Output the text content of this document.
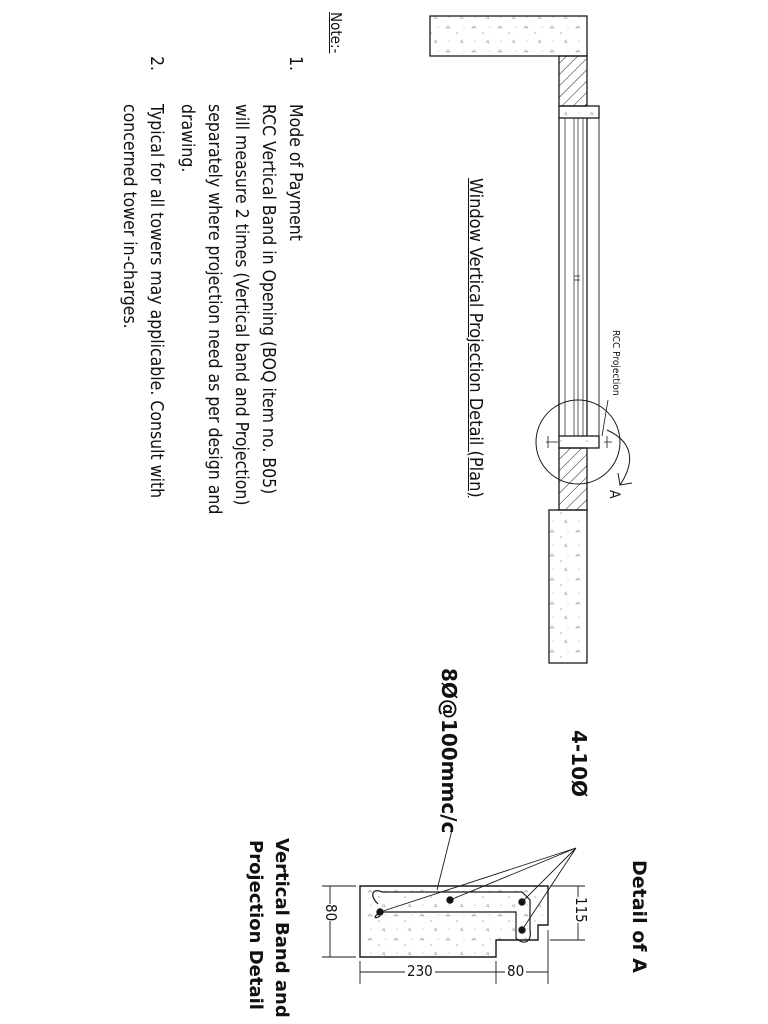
Window Vertical Projection Detail (Plan)	RCC Projection
A
Detail of A
Vertical Band and
Projection Detail
4-10Ø
8Ø@100mmc/c
115
80
230	80
Note:-
1.
Mode of Payment
RCC Vertical Band in Opening (BOQ item no. B05)
will measure 2 times (Vertical band and Projection)
separately where projection need as per design and
drawing.
2.
Typical for all towers may applicable. Consult with
concerned tower in-charges.
